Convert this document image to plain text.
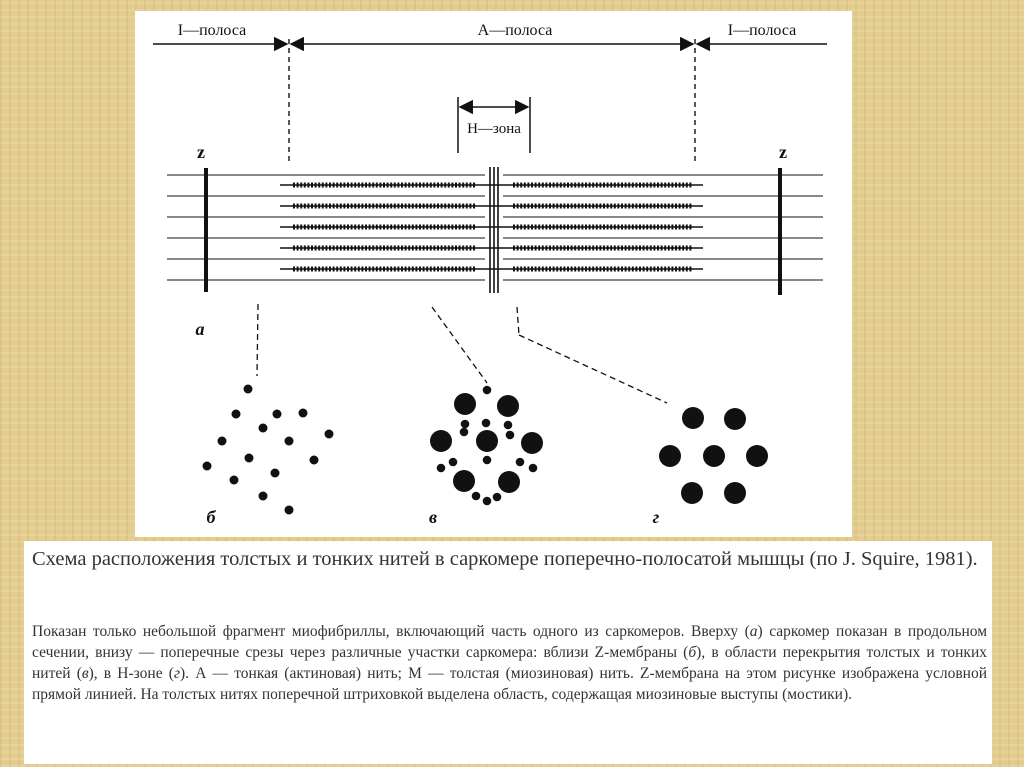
I—полоса	A—полоса	I—полоса
H—зона
z	z
а
б	в	г
Схема расположения толстых и тонких нитей в саркомере поперечно-полосатой мышцы (по J. Squire, 1981).
Показан только небольшой фрагмент миофибриллы, включающий часть одного из саркомеров. Вверху (а) саркомер показан в продольном сечении, внизу — поперечные срезы через различные участки саркомера: вблизи Z-мембраны (б), в области перекрытия толстых и тонких нитей (в), в Н-зоне (г). А — тонкая (актиновая) нить; М — толстая (миозиновая) нить. Z-мембрана на этом рисунке изображена условной прямой линией. На толстых нитях поперечной штриховкой выделена область, содержащая миозиновые выступы (мостики).
